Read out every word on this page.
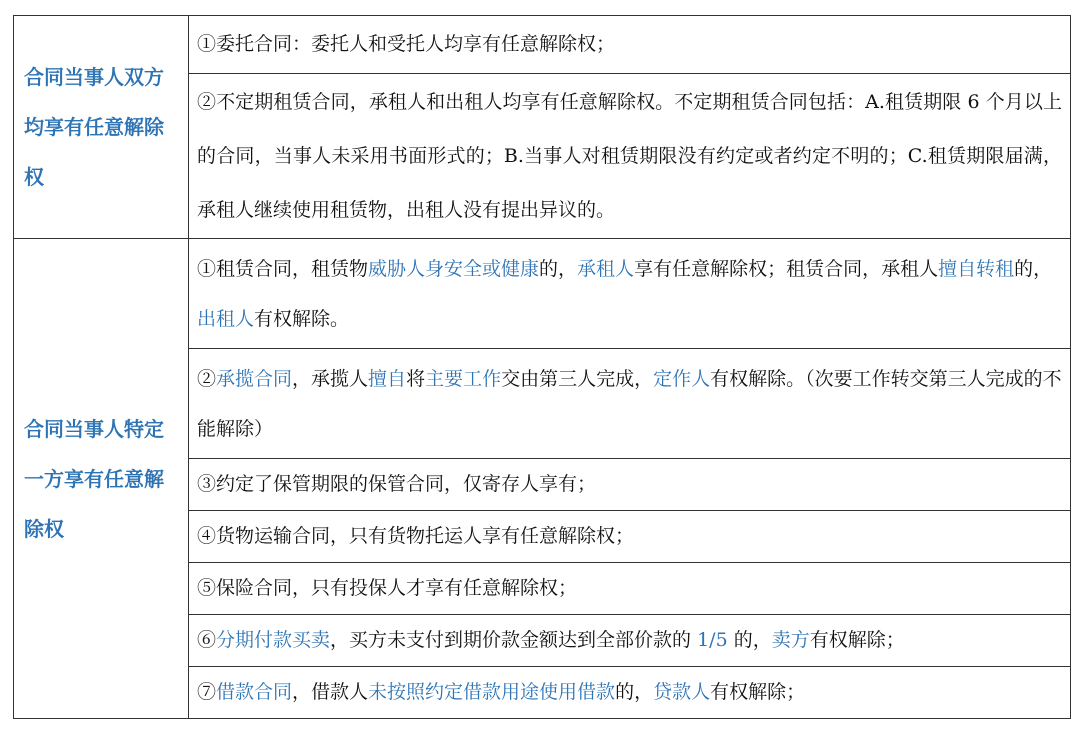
合同当事人双方均享有任意解除权	①委托合同：委托人和受托人均享有任意解除权；
	②不定期租赁合同，承租人和出租人均享有任意解除权。不定期租赁合同包括：A.租赁期限 6 个月以上的合同，当事人未采用书面形式的；B.当事人对租赁期限没有约定或者约定不明的；C.租赁期限届满，承租人继续使用租赁物，出租人没有提出异议的。
合同当事人特定一方享有任意解除权	①租赁合同，租赁物威胁人身安全或健康的，承租人享有任意解除权；租赁合同，承租人擅自转租的，出租人有权解除。
	②承揽合同，承揽人擅自将主要工作交由第三人完成，定作人有权解除。（次要工作转交第三人完成的不能解除）
	③约定了保管期限的保管合同，仅寄存人享有；
	④货物运输合同，只有货物托运人享有任意解除权；
	⑤保险合同，只有投保人才享有任意解除权；
	⑥分期付款买卖，买方未支付到期价款金额达到全部价款的 1/5 的，卖方有权解除；
	⑦借款合同，借款人未按照约定借款用途使用借款的，贷款人有权解除；
